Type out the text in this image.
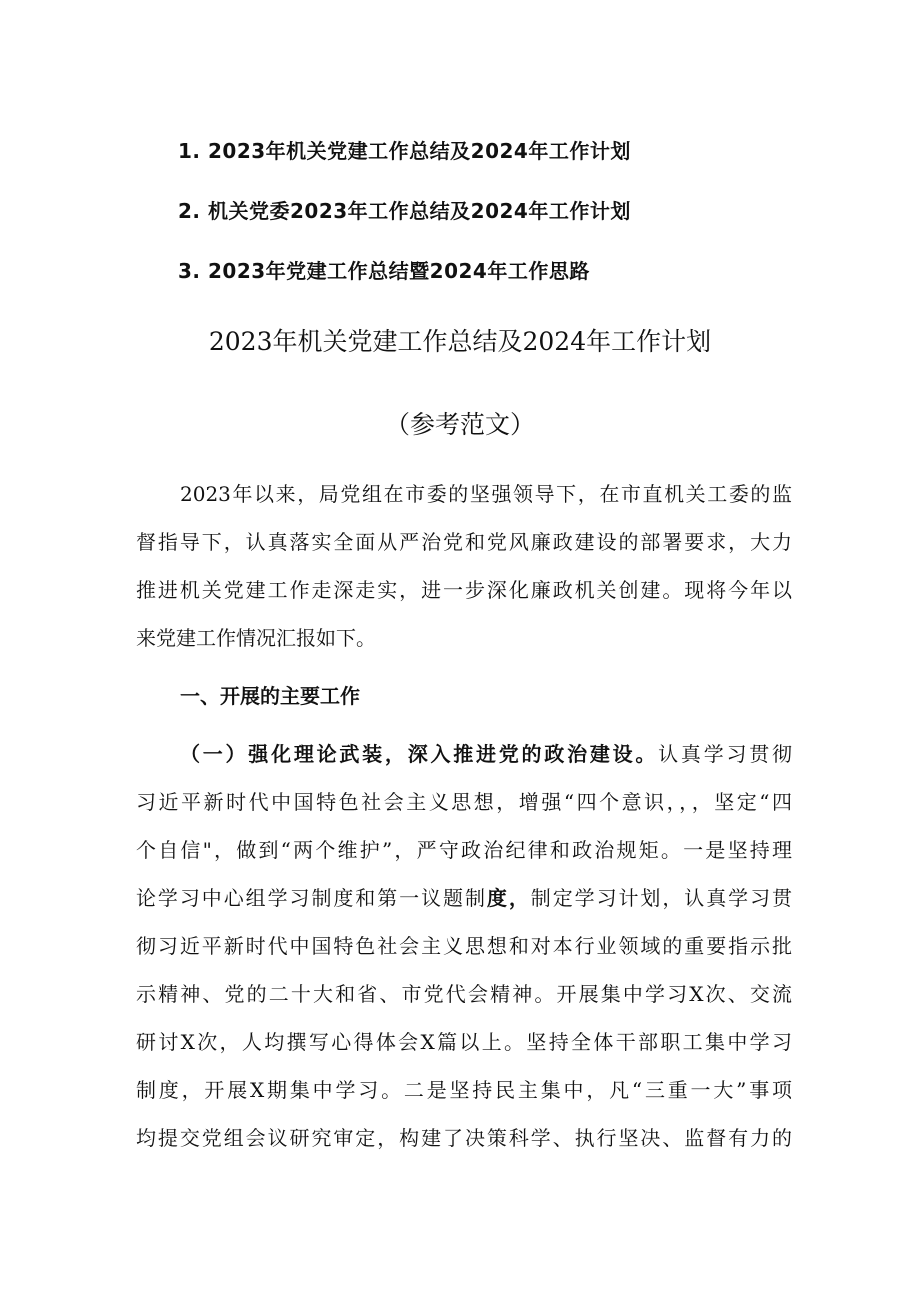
1. 2023年机关党建工作总结及2024年工作计划
2. 机关党委2023年工作总结及2024年工作计划
3. 2023年党建工作总结暨2024年工作思路
2023年机关党建工作总结及2024年工作计划
（参考范文）
2023年以来，局党组在市委的坚强领导下，在市直机关工委的监
督指导下，认真落实全面从严治党和党风廉政建设的部署要求，大力
推进机关党建工作走深走实，进一步深化廉政机关创建。现将今年以
来党建工作情况汇报如下。
一、开展的主要工作
（一）强化理论武装，深入推进党的政治建设。认真学习贯彻
习近平新时代中国特色社会主义思想，增强“四个意识，，，坚定“四
个自信"，做到“两个维护”，严守政治纪律和政治规矩。一是坚持理
论学习中心组学习制度和第一议题制度，制定学习计划，认真学习贯
彻习近平新时代中国特色社会主义思想和对本行业领域的重要指示批
示精神、党的二十大和省、市党代会精神。开展集中学习X次、交流
研讨X次，人均撰写心得体会X篇以上。坚持全体干部职工集中学习
制度，开展X期集中学习。二是坚持民主集中，凡“三重一大”事项
均提交党组会议研究审定，构建了决策科学、执行坚决、监督有力的
